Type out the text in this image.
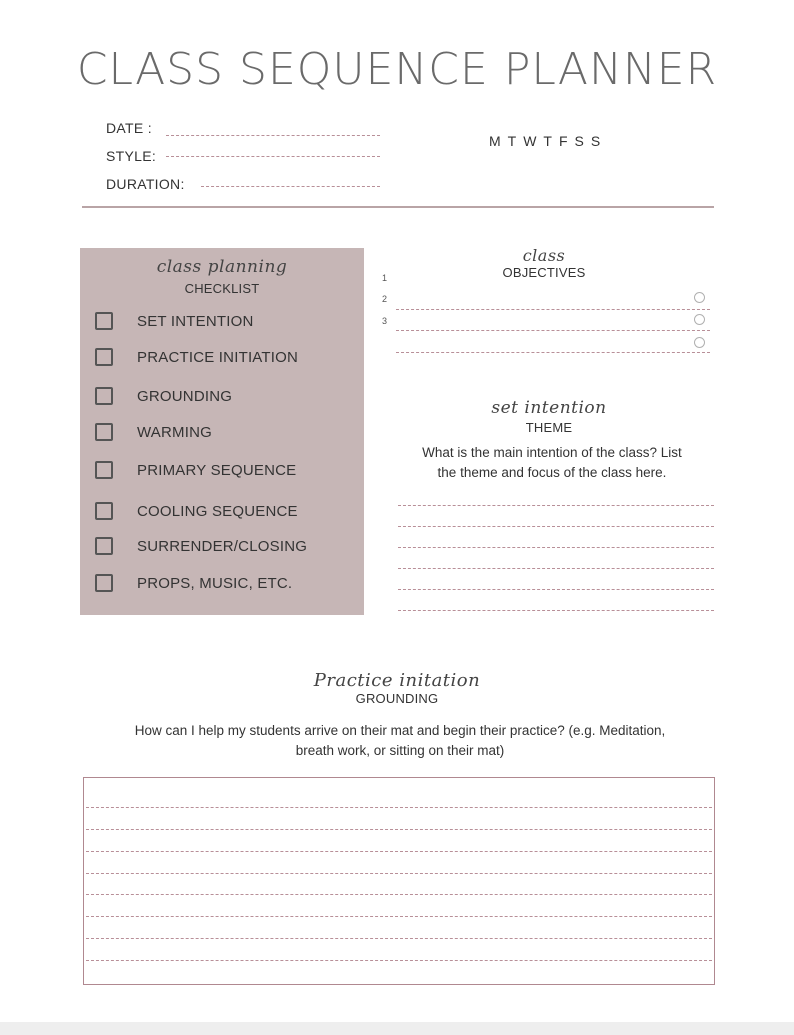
CLASS SEQUENCE PLANNER
DATE :
STYLE:
DURATION:
MTWTFSS
class planning
CHECKLIST
SET INTENTION
PRACTICE INITIATION
GROUNDING
WARMING
PRIMARY SEQUENCE
COOLING SEQUENCE
SURRENDER/CLOSING
PROPS, MUSIC, ETC.
class
OBJECTIVES
1
2
3
set intention
THEME
What is the main intention of the class? List
the theme and focus of the class here.
Practice initation
GROUNDING
How can I help my students arrive on their mat and begin their practice? (e.g. Meditation,
breath work, or sitting on their mat)
